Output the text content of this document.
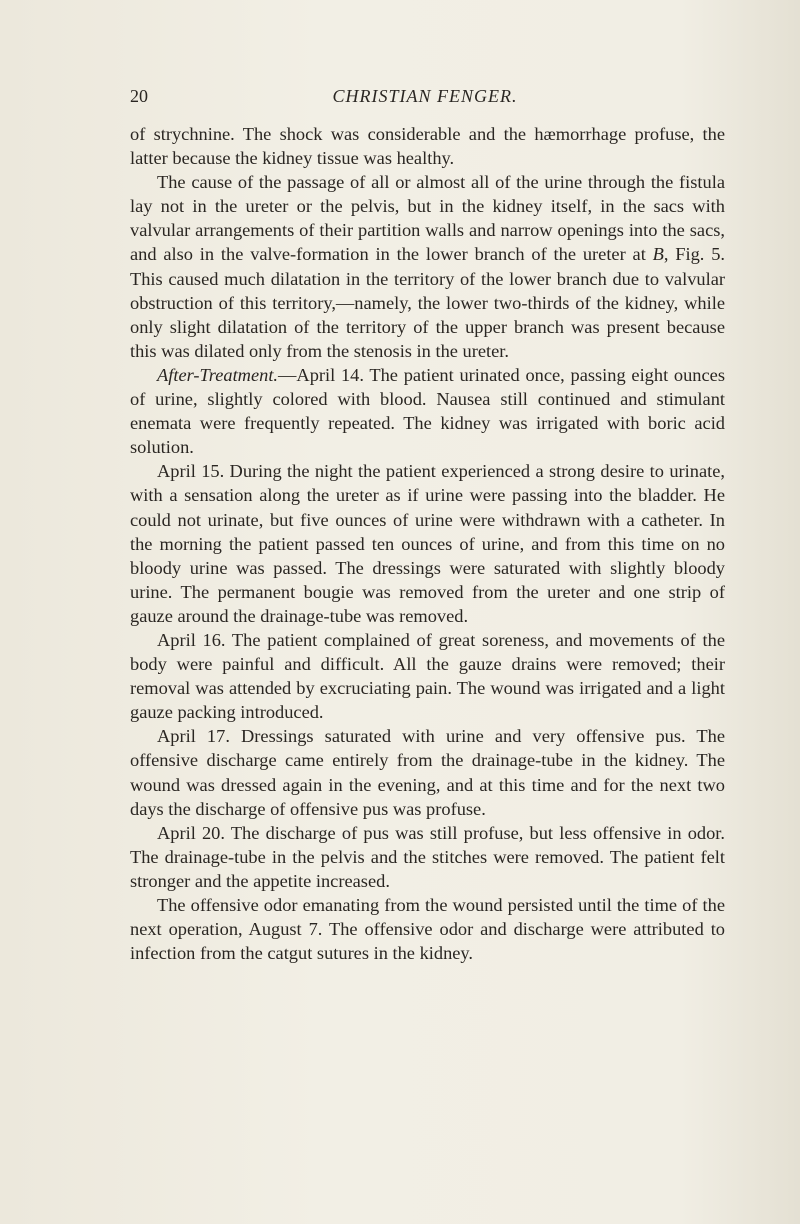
20	CHRISTIAN FENGER.

of strychnine. The shock was considerable and the hæmorrhage profuse, the latter because the kidney tissue was healthy.

The cause of the passage of all or almost all of the urine through the fistula lay not in the ureter or the pelvis, but in the kidney itself, in the sacs with valvular arrangements of their partition walls and narrow openings into the sacs, and also in the valve-formation in the lower branch of the ureter at B, Fig. 5. This caused much dilatation in the territory of the lower branch due to valvular obstruction of this territory,—namely, the lower two-thirds of the kidney, while only slight dilatation of the territory of the upper branch was present because this was dilated only from the stenosis in the ureter.

After-Treatment.—April 14. The patient urinated once, passing eight ounces of urine, slightly colored with blood. Nausea still continued and stimulant enemata were frequently repeated. The kidney was irrigated with boric acid solution.

April 15. During the night the patient experienced a strong desire to urinate, with a sensation along the ureter as if urine were passing into the bladder. He could not urinate, but five ounces of urine were withdrawn with a catheter. In the morning the patient passed ten ounces of urine, and from this time on no bloody urine was passed. The dressings were saturated with slightly bloody urine. The permanent bougie was removed from the ureter and one strip of gauze around the drainage-tube was removed.

April 16. The patient complained of great soreness, and movements of the body were painful and difficult. All the gauze drains were removed; their removal was attended by excruciating pain. The wound was irrigated and a light gauze packing introduced.

April 17. Dressings saturated with urine and very offensive pus. The offensive discharge came entirely from the drainage-tube in the kidney. The wound was dressed again in the evening, and at this time and for the next two days the discharge of offensive pus was profuse.

April 20. The discharge of pus was still profuse, but less offensive in odor. The drainage-tube in the pelvis and the stitches were removed. The patient felt stronger and the appetite increased.

The offensive odor emanating from the wound persisted until the time of the next operation, August 7. The offensive odor and discharge were attributed to infection from the catgut sutures in the kidney.
